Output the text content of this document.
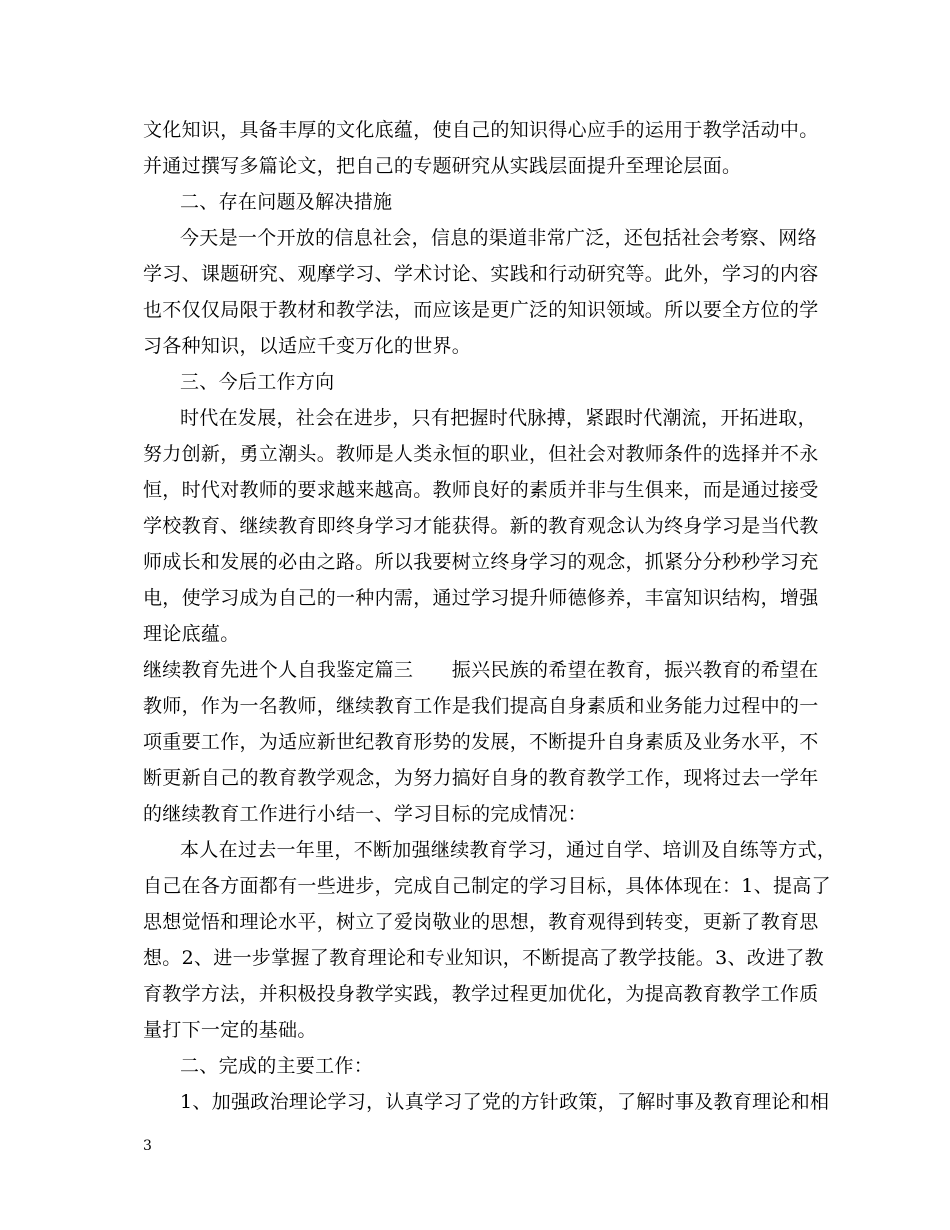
文化知识，具备丰厚的文化底蕴，使自己的知识得心应手的运用于教学活动中。
并通过撰写多篇论文，把自己的专题研究从实践层面提升至理论层面。
二、存在问题及解决措施
今天是一个开放的信息社会，信息的渠道非常广泛，还包括社会考察、网络
学习、课题研究、观摩学习、学术讨论、实践和行动研究等。此外，学习的内容
也不仅仅局限于教材和教学法，而应该是更广泛的知识领域。所以要全方位的学
习各种知识，以适应千变万化的世界。
三、今后工作方向
时代在发展，社会在进步，只有把握时代脉搏，紧跟时代潮流，开拓进取，
努力创新，勇立潮头。教师是人类永恒的职业，但社会对教师条件的选择并不永
恒，时代对教师的要求越来越高。教师良好的素质并非与生俱来，而是通过接受
学校教育、继续教育即终身学习才能获得。新的教育观念认为终身学习是当代教
师成长和发展的必由之路。所以我要树立终身学习的观念，抓紧分分秒秒学习充
电，使学习成为自己的一种内需，通过学习提升师德修养，丰富知识结构，增强
理论底蕴。
继续教育先进个人自我鉴定篇三　　振兴民族的希望在教育，振兴教育的希望在
教师，作为一名教师，继续教育工作是我们提高自身素质和业务能力过程中的一
项重要工作，为适应新世纪教育形势的发展，不断提升自身素质及业务水平，不
断更新自己的教育教学观念，为努力搞好自身的教育教学工作，现将过去一学年
的继续教育工作进行小结一、学习目标的完成情况：
本人在过去一年里，不断加强继续教育学习，通过自学、培训及自练等方式，
自己在各方面都有一些进步，完成自己制定的学习目标，具体体现在：1、提高了
思想觉悟和理论水平，树立了爱岗敬业的思想，教育观得到转变，更新了教育思
想。2、进一步掌握了教育理论和专业知识，不断提高了教学技能。3、改进了教
育教学方法，并积极投身教学实践，教学过程更加优化，为提高教育教学工作质
量打下一定的基础。
二、完成的主要工作：
1、加强政治理论学习，认真学习了党的方针政策，了解时事及教育理论和相
3
